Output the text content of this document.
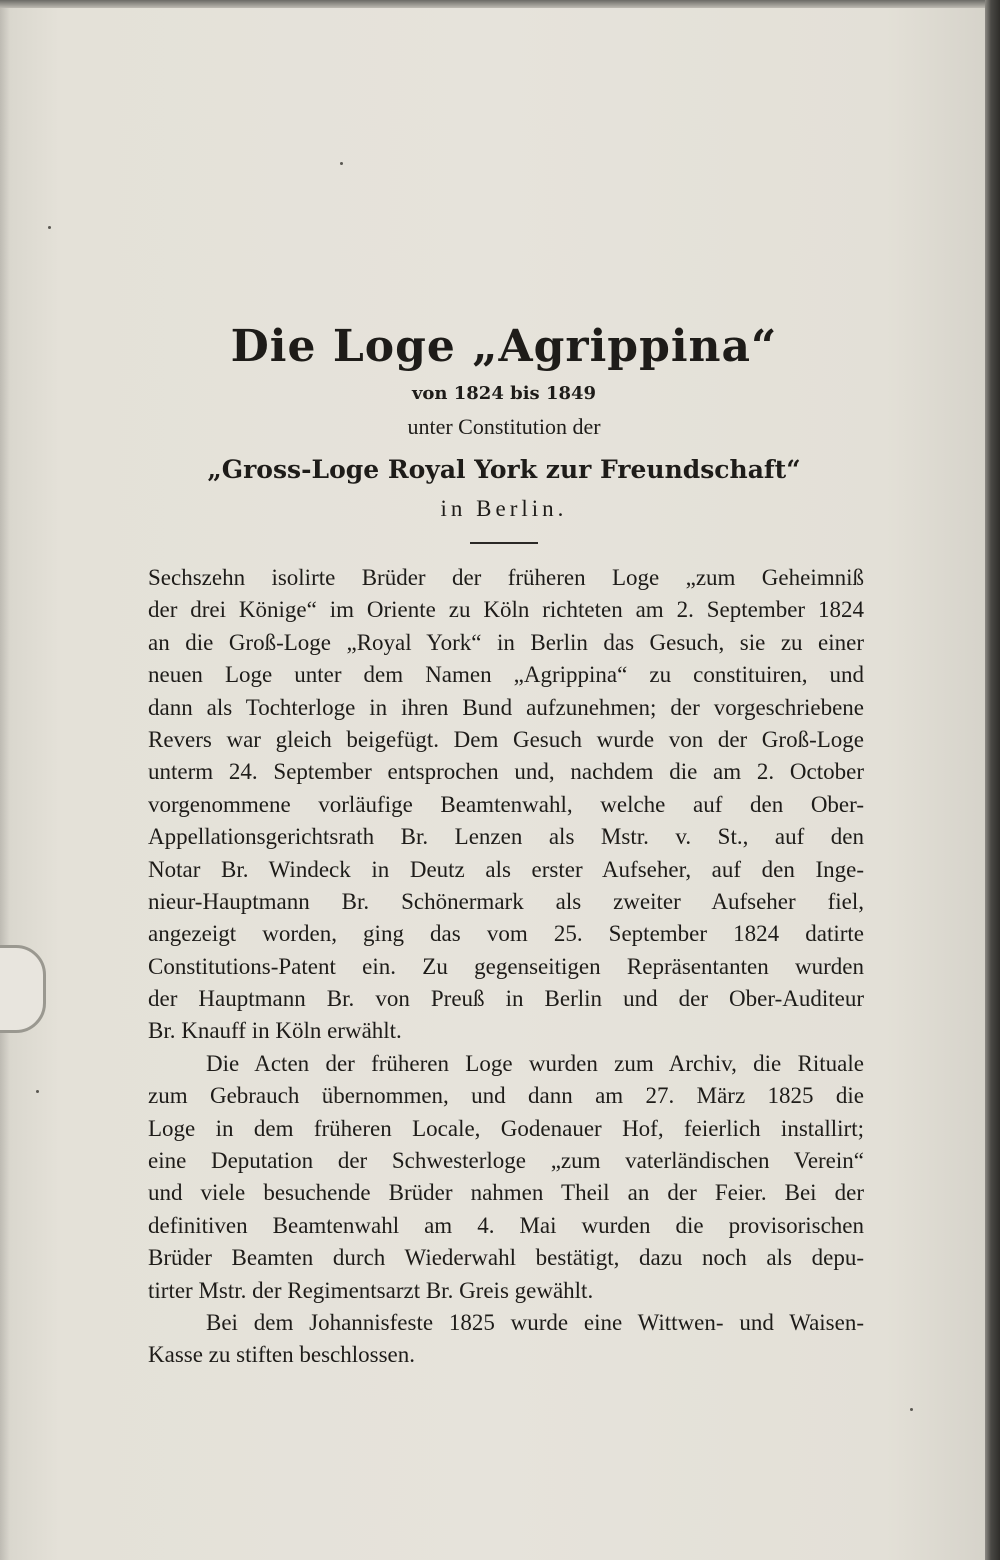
Die Loge „Agrippina“
von 1824 bis 1849
unter Constitution der
„Gross-Loge Royal York zur Freundschaft“
in Berlin.

Sechszehn isolirte Brüder der früheren Loge „zum Geheimniß
der drei Könige“ im Oriente zu Köln richteten am 2. September 1824
an die Groß-Loge „Royal York“ in Berlin das Gesuch, sie zu einer
neuen Loge unter dem Namen „Agrippina“ zu constituiren, und
dann als Tochterloge in ihren Bund aufzunehmen; der vorgeschriebene
Revers war gleich beigefügt. Dem Gesuch wurde von der Groß-Loge
unterm 24. September entsprochen und, nachdem die am 2. October
vorgenommene vorläufige Beamtenwahl, welche auf den Ober-
Appellationsgerichtsrath Br. Lenzen als Mstr. v. St., auf den
Notar Br. Windeck in Deutz als erster Aufseher, auf den Inge-
nieur-Hauptmann Br. Schönermark als zweiter Aufseher fiel,
angezeigt worden, ging das vom 25. September 1824 datirte
Constitutions-Patent ein. Zu gegenseitigen Repräsentanten wurden
der Hauptmann Br. von Preuß in Berlin und der Ober-Auditeur
Br. Knauff in Köln erwählt.

Die Acten der früheren Loge wurden zum Archiv, die Rituale
zum Gebrauch übernommen, und dann am 27. März 1825 die
Loge in dem früheren Locale, Godenauer Hof, feierlich installirt;
eine Deputation der Schwesterloge „zum vaterländischen Verein“
und viele besuchende Brüder nahmen Theil an der Feier. Bei der
definitiven Beamtenwahl am 4. Mai wurden die provisorischen
Brüder Beamten durch Wiederwahl bestätigt, dazu noch als depu-
tirter Mstr. der Regimentsarzt Br. Greis gewählt.

Bei dem Johannisfeste 1825 wurde eine Wittwen- und Waisen-
Kasse zu stiften beschlossen.
